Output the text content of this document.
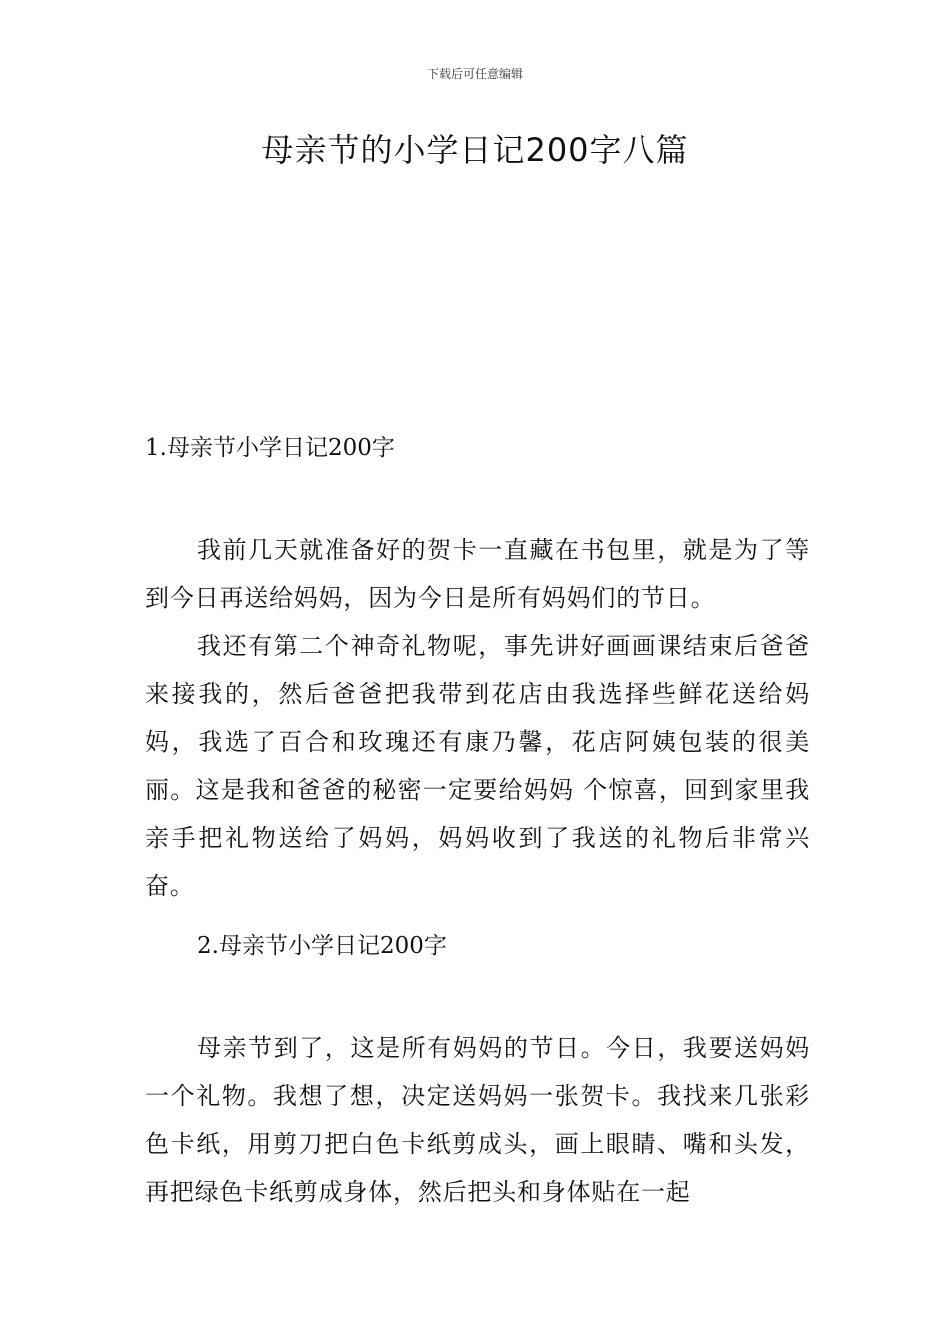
下载后可任意编辑
母亲节的小学日记200字八篇
1.母亲节小学日记200字

我前几天就准备好的贺卡一直藏在书包里，就是为了等到今日再送给妈妈，因为今日是所有妈妈们的节日。

我还有第二个神奇礼物呢，事先讲好画画课结束后爸爸来接我的，然后爸爸把我带到花店由我选择些鲜花送给妈妈，我选了百合和玫瑰还有康乃馨，花店阿姨包装的很美丽。这是我和爸爸的秘密一定要给妈妈 个惊喜，回到家里我亲手把礼物送给了妈妈，妈妈收到了我送的礼物后非常兴奋。

2.母亲节小学日记200字

母亲节到了，这是所有妈妈的节日。今日，我要送妈妈一个礼物。我想了想，决定送妈妈一张贺卡。我找来几张彩色卡纸，用剪刀把白色卡纸剪成头，画上眼睛、嘴和头发，再把绿色卡纸剪成身体，然后把头和身体贴在一起
